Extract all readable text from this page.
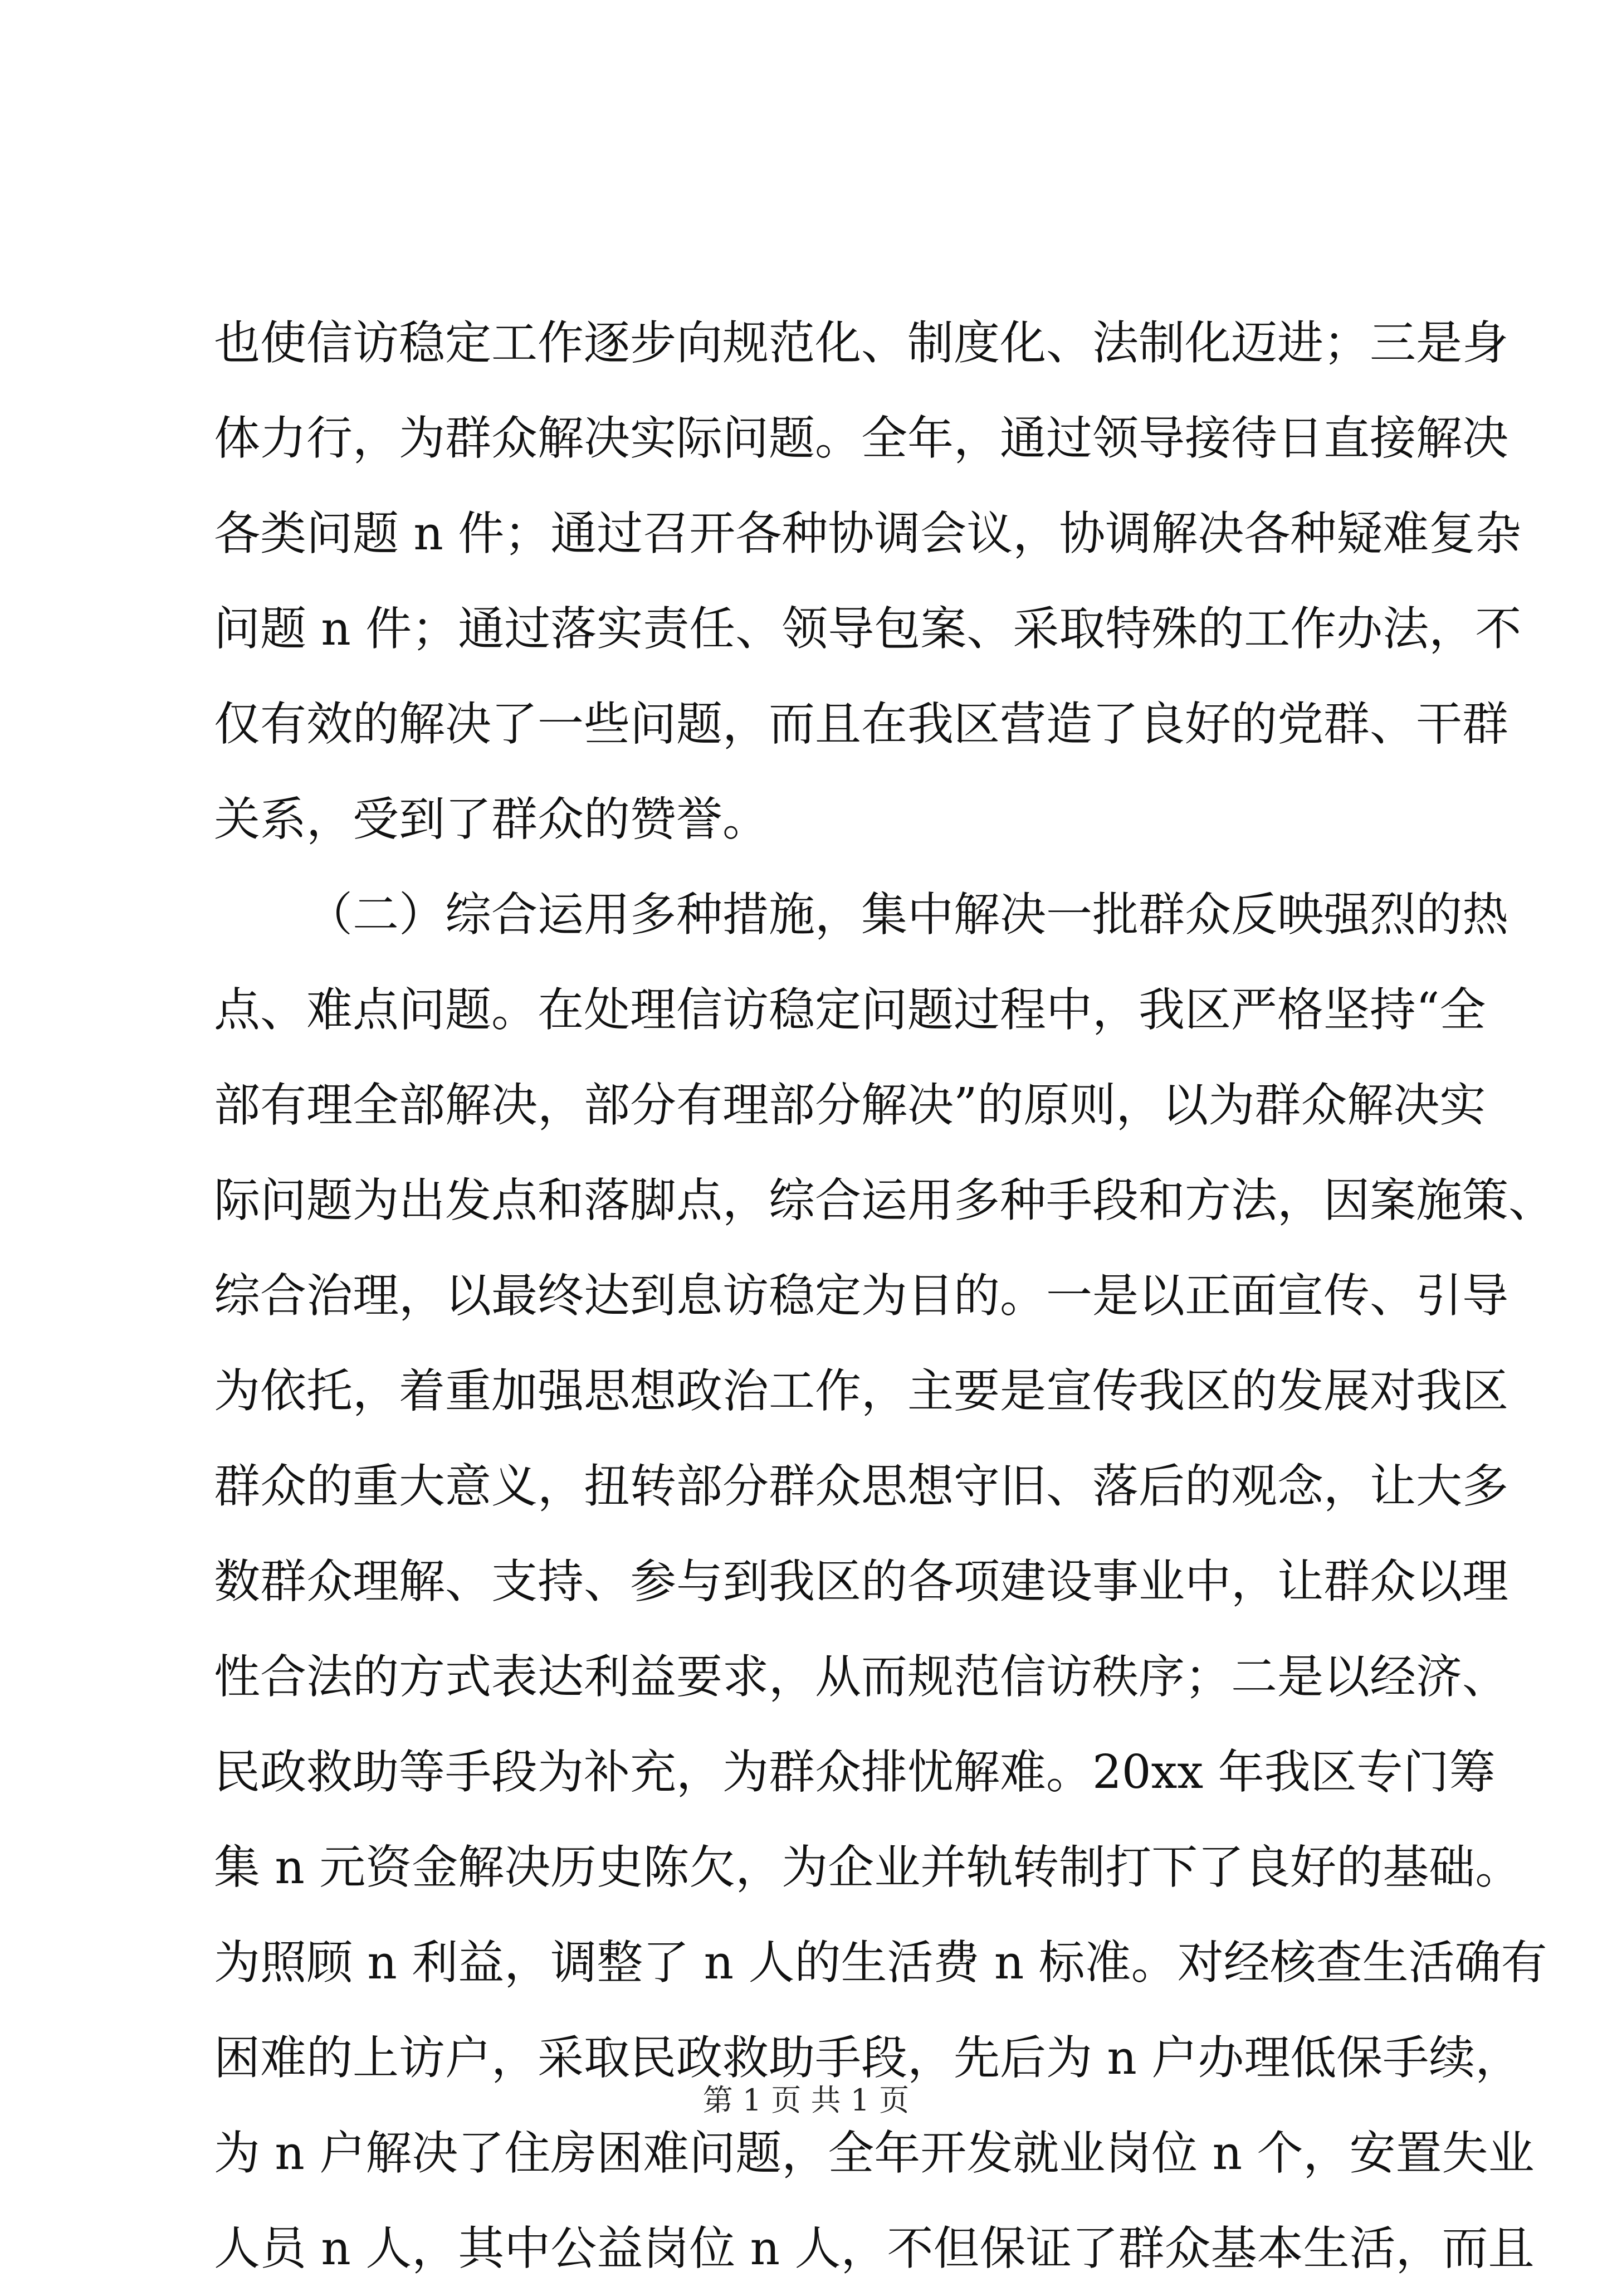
也使信访稳定工作逐步向规范化、制度化、法制化迈进；三是身
体力行，为群众解决实际问题。全年，通过领导接待日直接解决
各类问题 n 件；通过召开各种协调会议，协调解决各种疑难复杂
问题 n 件；通过落实责任、领导包案、采取特殊的工作办法，不
仅有效的解决了一些问题，而且在我区营造了良好的党群、干群
关系，受到了群众的赞誉。
（二）综合运用多种措施，集中解决一批群众反映强烈的热
点、难点问题。在处理信访稳定问题过程中，我区严格坚持“全
部有理全部解决，部分有理部分解决”的原则，以为群众解决实
际问题为出发点和落脚点，综合运用多种手段和方法，因案施策、
综合治理，以最终达到息访稳定为目的。一是以正面宣传、引导
为依托，着重加强思想政治工作，主要是宣传我区的发展对我区
群众的重大意义，扭转部分群众思想守旧、落后的观念，让大多
数群众理解、支持、参与到我区的各项建设事业中，让群众以理
性合法的方式表达利益要求，从而规范信访秩序；二是以经济、
民政救助等手段为补充，为群众排忧解难。20xx 年我区专门筹
集 n 元资金解决历史陈欠，为企业并轨转制打下了良好的基础。
为照顾 n 利益，调整了 n 人的生活费 n 标准。对经核查生活确有
困难的上访户，采取民政救助手段，先后为 n 户办理低保手续，
为 n 户解决了住房困难问题，全年开发就业岗位 n 个，安置失业
人员 n 人，其中公益岗位 n 人，不但保证了群众基本生活，而且
第 1 页 共 1 页
